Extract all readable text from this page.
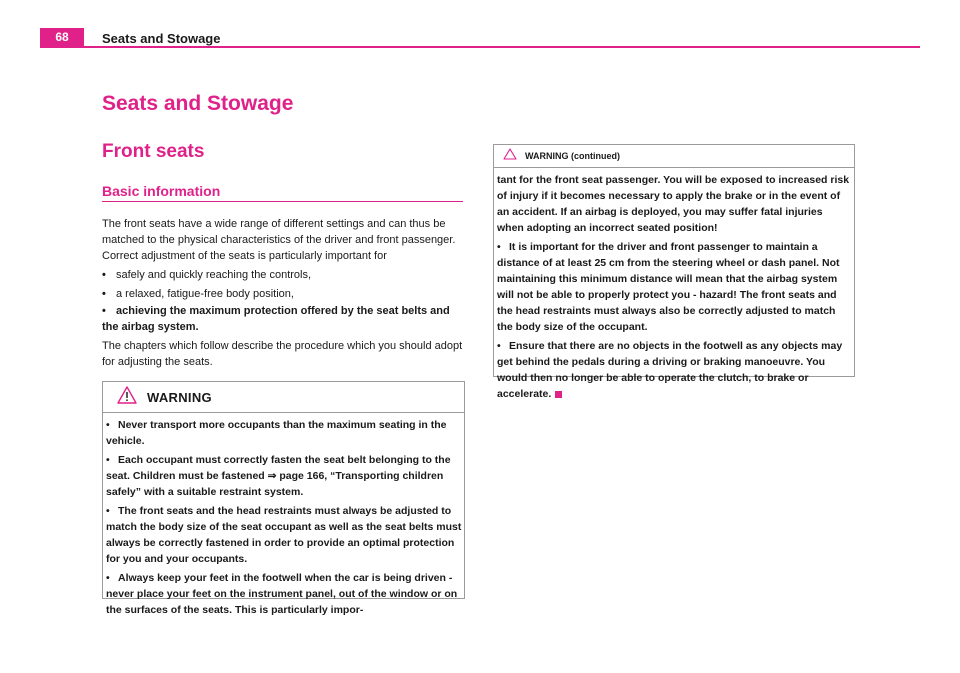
68	Seats and Stowage
Seats and Stowage
Front seats
Basic information
The front seats have a wide range of different settings and can thus be matched to the physical characteristics of the driver and front passenger. Correct adjustment of the seats is particularly important for
• safely and quickly reaching the controls,
• a relaxed, fatigue-free body position,
• achieving the maximum protection offered by the seat belts and the airbag system.
The chapters which follow describe the procedure which you should adopt for adjusting the seats.
WARNING
• Never transport more occupants than the maximum seating in the vehicle.
• Each occupant must correctly fasten the seat belt belonging to the seat. Children must be fastened ⇒ page 166, “Transporting children safely” with a suitable restraint system.
• The front seats and the head restraints must always be adjusted to match the body size of the seat occupant as well as the seat belts must always be correctly fastened in order to provide an optimal protection for you and your occupants.
• Always keep your feet in the footwell when the car is being driven - never place your feet on the instrument panel, out of the window or on the surfaces of the seats. This is particularly impor-
WARNING (continued)
tant for the front seat passenger. You will be exposed to increased risk of injury if it becomes necessary to apply the brake or in the event of an accident. If an airbag is deployed, you may suffer fatal injuries when adopting an incorrect seated position!
• It is important for the driver and front passenger to maintain a distance of at least 25 cm from the steering wheel or dash panel. Not maintaining this minimum distance will mean that the airbag system will not be able to properly protect you - hazard! The front seats and the head restraints must always also be correctly adjusted to match the body size of the occupant.
• Ensure that there are no objects in the footwell as any objects may get behind the pedals during a driving or braking manoeuvre. You would then no longer be able to operate the clutch, to brake or accelerate.
